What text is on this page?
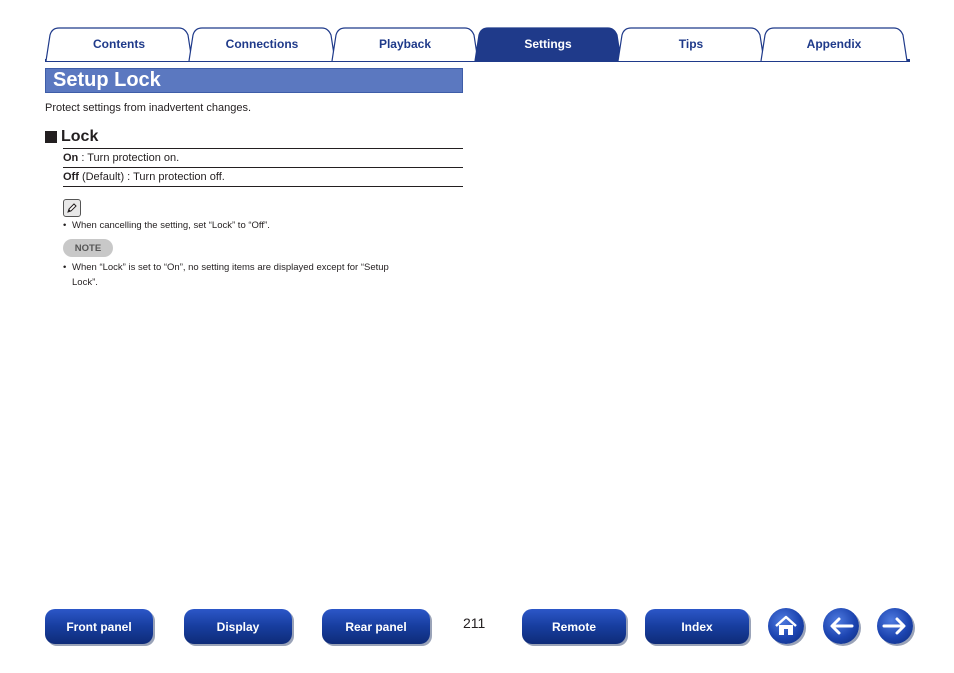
Contents	Connections	Playback	Settings	Tips	Appendix
Setup Lock

Protect settings from inadvertent changes.

Lock
On : Turn protection on.
Off (Default) : Turn protection off.
• When cancelling the setting, set “Lock” to “Off”.
NOTE
• When “Lock” is set to “On”, no setting items are displayed except for “Setup
Lock”.
Front panel	Display	Rear panel	211	Remote	Index
